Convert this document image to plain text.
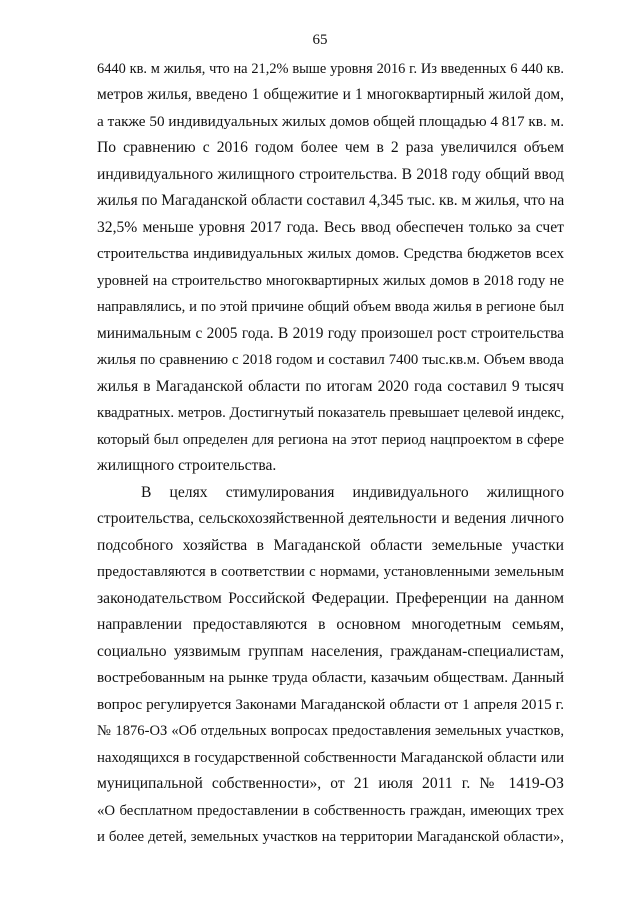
65
6440 кв. м жилья, что на 21,2% выше уровня 2016 г. Из введенных 6 440 кв.
метров жилья, введено 1 общежитие и 1 многоквартирный жилой дом,
а также 50 индивидуальных жилых домов общей площадью 4 817 кв. м.
По сравнению с 2016 годом более чем в 2 раза увеличился объем
индивидуального жилищного строительства. В 2018 году общий ввод
жилья по Магаданской области составил 4,345 тыс. кв. м жилья, что на
32,5% меньше уровня 2017 года. Весь ввод обеспечен только за счет
строительства индивидуальных жилых домов. Средства бюджетов всех
уровней на строительство многоквартирных жилых домов в 2018 году не
направлялись, и по этой причине общий объем ввода жилья в регионе был
минимальным с 2005 года. В 2019 году произошел рост строительства
жилья по сравнению с 2018 годом и составил 7400 тыс.кв.м. Объем ввода
жилья в Магаданской области по итогам 2020 года составил 9 тысяч
квадратных. метров. Достигнутый показатель превышает целевой индекс,
который был определен для региона на этот период нацпроектом в сфере
жилищного строительства.
В целях стимулирования индивидуального жилищного
строительства, сельскохозяйственной деятельности и ведения личного
подсобного хозяйства в Магаданской области земельные участки
предоставляются в соответствии с нормами, установленными земельным
законодательством Российской Федерации. Преференции на данном
направлении предоставляются в основном многодетным семьям,
социально уязвимым группам населения, гражданам-специалистам,
востребованным на рынке труда области, казачьим обществам. Данный
вопрос регулируется Законами Магаданской области от 1 апреля 2015 г.
№ 1876-ОЗ «Об отдельных вопросах предоставления земельных участков,
находящихся в государственной собственности Магаданской области или
муниципальной собственности», от 21 июля 2011 г. № 1419-ОЗ
«О бесплатном предоставлении в собственность граждан, имеющих трех
и более детей, земельных участков на территории Магаданской области»,
